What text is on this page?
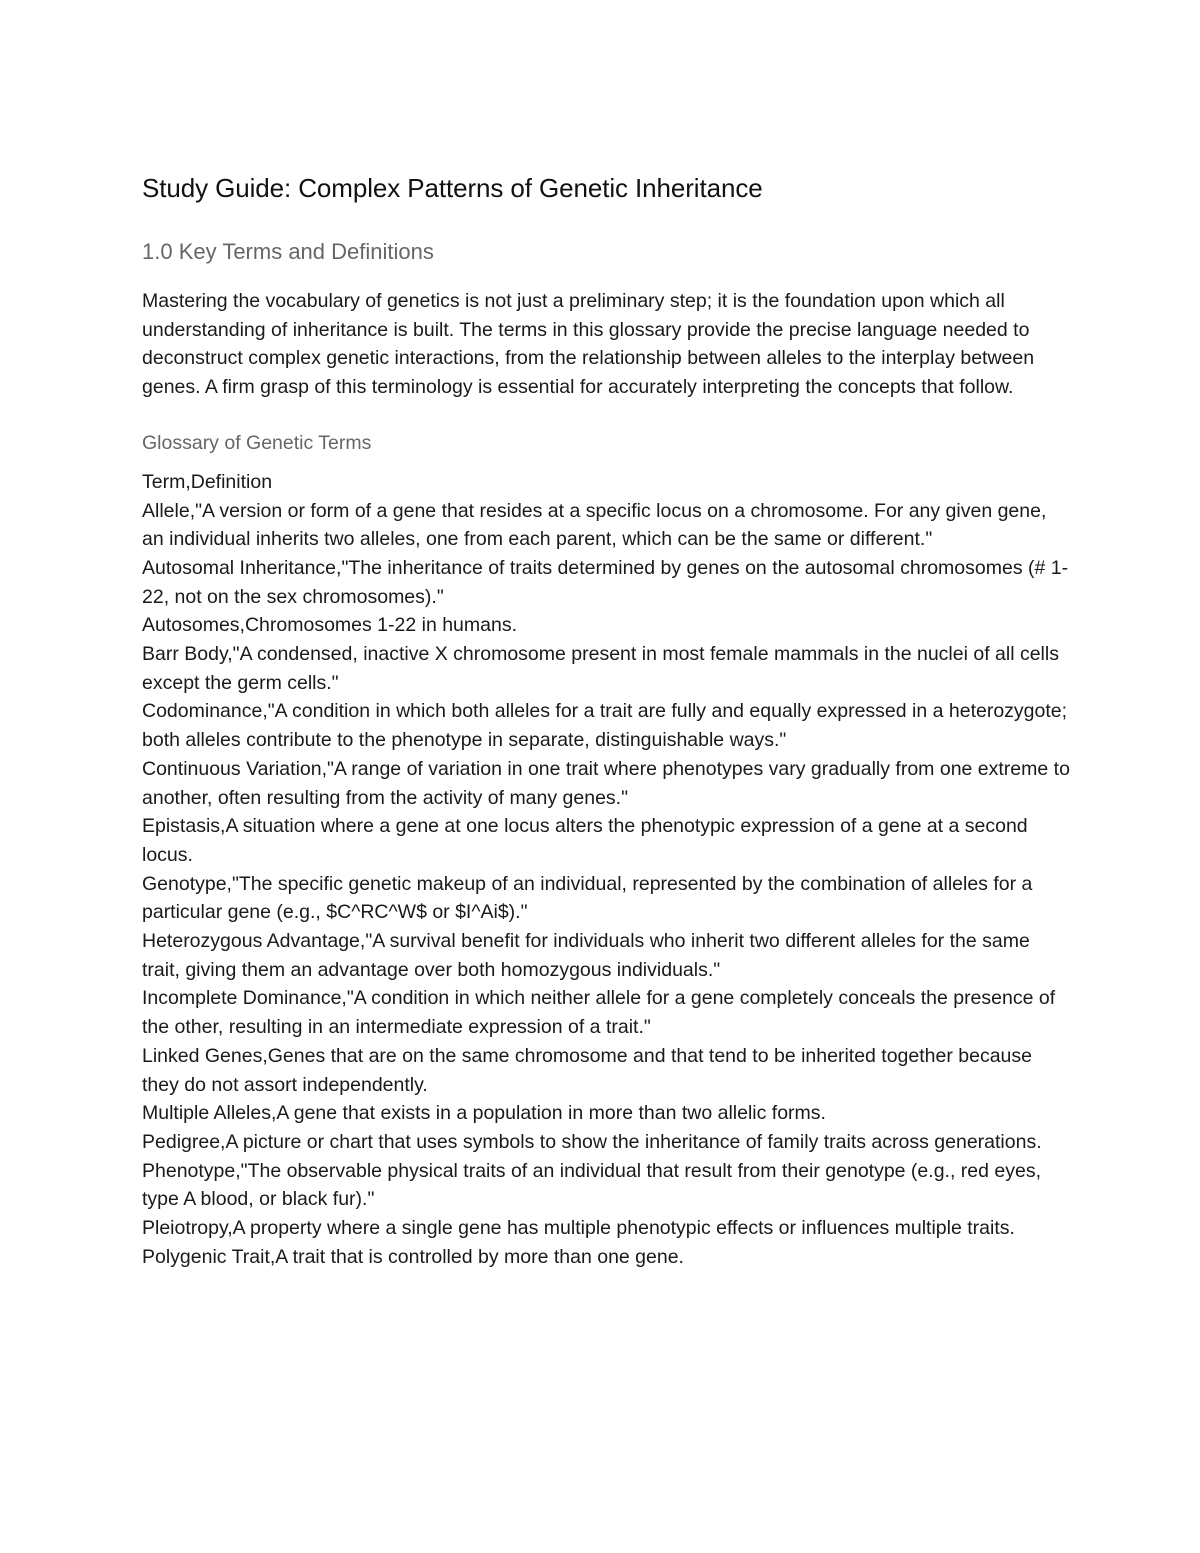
Study Guide: Complex Patterns of Genetic Inheritance
1.0 Key Terms and Definitions

Mastering the vocabulary of genetics is not just a preliminary step; it is the foundation upon which all understanding of inheritance is built. The terms in this glossary provide the precise language needed to deconstruct complex genetic interactions, from the relationship between alleles to the interplay between genes. A firm grasp of this terminology is essential for accurately interpreting the concepts that follow.

Glossary of Genetic Terms

Term,Definition

Allele,"A version or form of a gene that resides at a specific locus on a chromosome. For any given gene, an individual inherits two alleles, one from each parent, which can be the same or different."

Autosomal Inheritance,"The inheritance of traits determined by genes on the autosomal chromosomes (# 1-22, not on the sex chromosomes)."

Autosomes,Chromosomes 1-22 in humans.

Barr Body,"A condensed, inactive X chromosome present in most female mammals in the nuclei of all cells except the germ cells."

Codominance,"A condition in which both alleles for a trait are fully and equally expressed in a heterozygote; both alleles contribute to the phenotype in separate, distinguishable ways."

Continuous Variation,"A range of variation in one trait where phenotypes vary gradually from one extreme to another, often resulting from the activity of many genes."

Epistasis,A situation where a gene at one locus alters the phenotypic expression of a gene at a second locus.

Genotype,"The specific genetic makeup of an individual, represented by the combination of alleles for a particular gene (e.g., $C^RC^W$ or $I^Ai$)."

Heterozygous Advantage,"A survival benefit for individuals who inherit two different alleles for the same trait, giving them an advantage over both homozygous individuals."

Incomplete Dominance,"A condition in which neither allele for a gene completely conceals the presence of the other, resulting in an intermediate expression of a trait."

Linked Genes,Genes that are on the same chromosome and that tend to be inherited together because they do not assort independently.

Multiple Alleles,A gene that exists in a population in more than two allelic forms.

Pedigree,A picture or chart that uses symbols to show the inheritance of family traits across generations.

Phenotype,"The observable physical traits of an individual that result from their genotype (e.g., red eyes, type A blood, or black fur)."

Pleiotropy,A property where a single gene has multiple phenotypic effects or influences multiple traits.

Polygenic Trait,A trait that is controlled by more than one gene.
